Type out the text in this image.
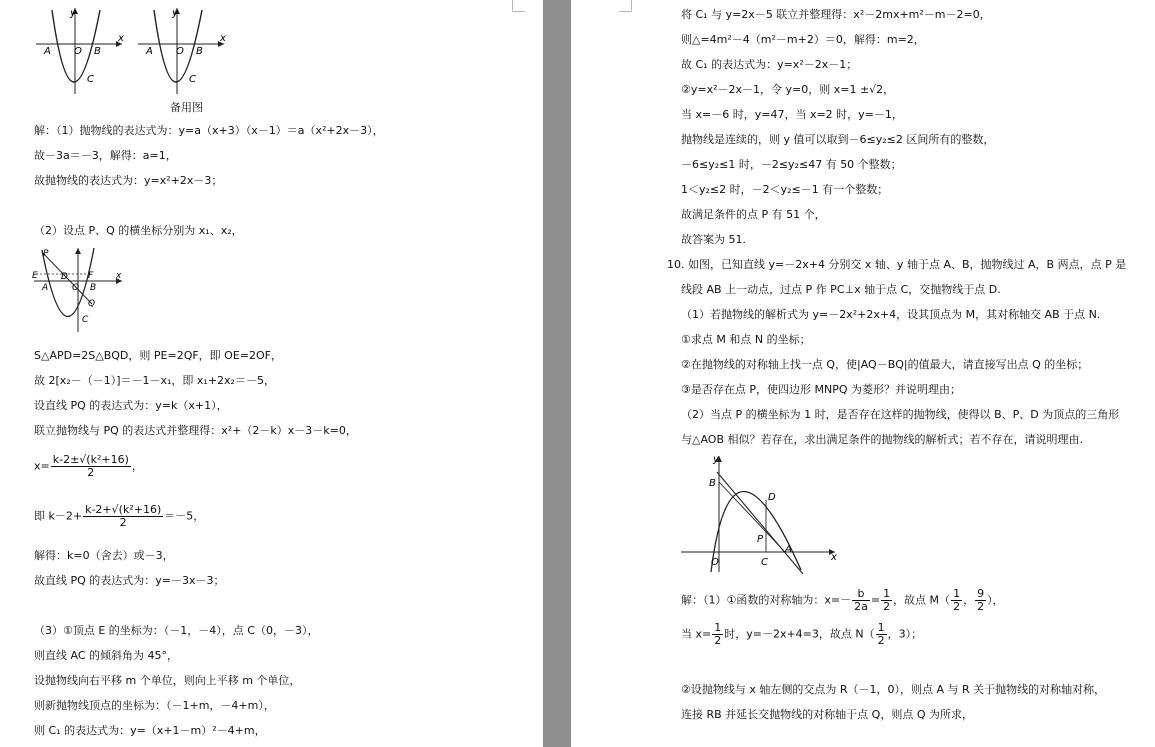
y
x
A O B
C
y
x
A O B
C
备用图
解：（1）抛物线的表达式为：y=a（x+3）（x－1）＝a（x²+2x－3），
故－3a＝－3，解得：a=1，
故抛物线的表达式为：y=x²+2x－3；
（2）设点 P、Q 的横坐标分别为 x₁、x₂，
P
E	D F
A	O B
x
Q
C
S△APD=2S△BQD，则 PE=2QF，即 OE=2OF，
故 2[x₂－（－1）]＝－1－x₁，即 x₁+2x₂＝－5，
设直线 PQ 的表达式为：y=k（x+1），
联立抛物线与 PQ 的表达式并整理得：x²+（2－k）x－3－k=0，
$x= \frac{\text{k-2±√(k²+16)}}{2}$ ，
即 $k-2+ \frac{\text{k-2+√(k²+16)}}{2} =-5$，
解得：k=0（舍去）或－3，
故直线 PQ 的表达式为：y=－3x－3；
（3）①顶点 E 的坐标为：（－1，－4），点 C（0，－3），
则直线 AC 的倾斜角为 45°，
设抛物线向右平移 m 个单位，则向上平移 m 个单位，
则新抛物线顶点的坐标为：（－1+m，－4+m），
则 C₁ 的表达式为：y=（x+1－m）²－4+m，
将 C₁ 与 y=2x－5 联立并整理得：x²－2mx+m²－m－2=0，
则△=4m²－4（m²－m+2）＝0，解得：m=2，
故 C₁ 的表达式为：y=x²－2x－1；
②y=x²－2x－1，令 y=0，则 x=1 ±√2，
当 x=－6 时，y=47，当 x=2 时，y=－1，
抛物线是连续的，则 y 值可以取到－6≤y₂≤2 区间所有的整数，
－6≤y₂≤1 时，－2≤y₂≤47 有 50 个整数；
1＜y₂≤2 时，－2＜y₂≤－1 有一个整数；
故满足条件的点 P 有 51 个，
故答案为 51.
10. 如图，已知直线 y=－2x+4 分别交 x 轴、y 轴于点 A、B，抛物线过 A，B 两点，点 P 是
线段 AB 上一动点，过点 P 作 PC⊥x 轴于点 C，交抛物线于点 D.
（1）若抛物线的解析式为 y=－2x²+2x+4，设其顶点为 M，其对称轴交 AB 于点 N.
①求点 M 和点 N 的坐标；
②在抛物线的对称轴上找一点 Q，使|AQ－BQ|的值最大，请直接写出点 Q 的坐标；
③是否存在点 P，使四边形 MNPQ 为菱形？并说明理由；
（2）当点 P 的横坐标为 1 时，是否存在这样的抛物线，使得以 B、P、D 为顶点的三角形
与△AOB 相似？若存在，求出满足条件的抛物线的解析式；若不存在，请说明理由.
y
x
B
D
P
A
O	C
解：（1）①函数的对称轴为：$x=- \frac{b}{2a} = \frac{1}{2}$ ，故点 $M( \frac{1}{2}$ ， $\frac{9}{2}$ ），
当 $x= \frac{1}{2}$ 时，y=－2x+4=3，故点 $N( \frac{1}{2}$ ，3）；
②设抛物线与 x 轴左侧的交点为 R（－1，0），则点 A 与 R 关于抛物线的对称轴对称，
连接 RB 并延长交抛物线的对称轴于点 Q，则点 Q 为所求，
